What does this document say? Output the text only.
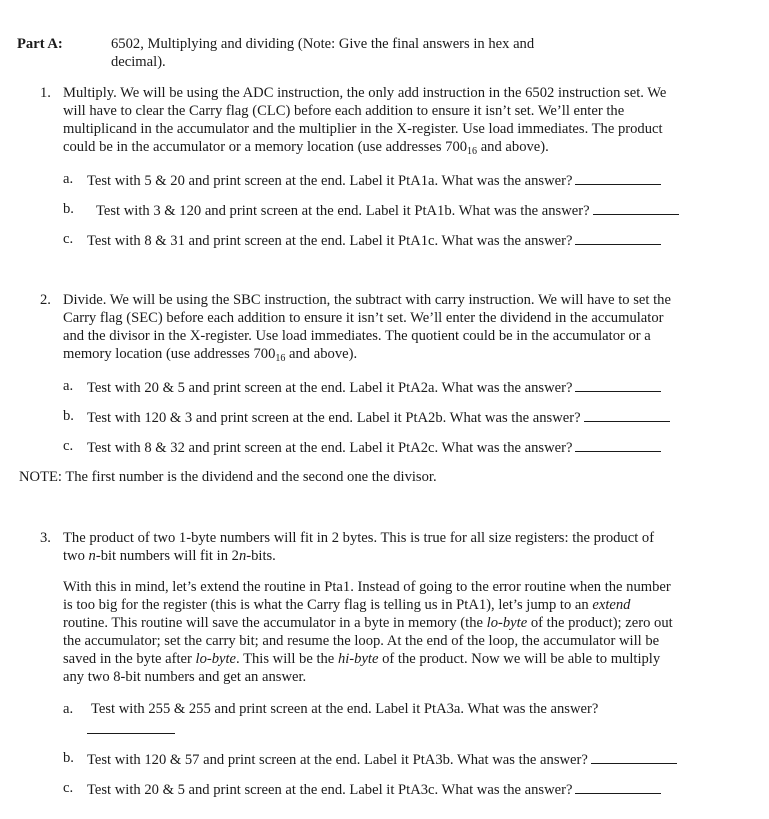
Part A:	6502, Multiplying and dividing (Note: Give the final answers in hex and
decimal).
1. Multiply. We will be using the ADC instruction, the only add instruction in the 6502 instruction set. We
will have to clear the Carry flag (CLC) before each addition to ensure it isn’t set. We’ll enter the
multiplicand in the accumulator and the multiplier in the X-register. Use load immediates. The product
could be in the accumulator or a memory location (use addresses $700_{16}$ and above).
a. Test with 5 & 20 and print screen at the end. Label it PtA1a. What was the answer?
b. Test with 3 & 120 and print screen at the end. Label it PtA1b. What was the answer?
c. Test with 8 & 31 and print screen at the end. Label it PtA1c. What was the answer?
2. Divide. We will be using the SBC instruction, the subtract with carry instruction. We will have to set the
Carry flag (SEC) before each addition to ensure it isn’t set. We’ll enter the dividend in the accumulator
and the divisor in the X-register. Use load immediates. The quotient could be in the accumulator or a
memory location (use addresses $700_{16}$ and above).
a. Test with 20 & 5 and print screen at the end. Label it PtA2a. What was the answer?
b. Test with 120 & 3 and print screen at the end. Label it PtA2b. What was the answer?
c. Test with 8 & 32 and print screen at the end. Label it PtA2c. What was the answer?
NOTE: The first number is the dividend and the second one the divisor.
3. The product of two 1-byte numbers will fit in 2 bytes. This is true for all size registers: the product of
two n-bit numbers will fit in 2n-bits.
With this in mind, let’s extend the routine in Pta1. Instead of going to the error routine when the number
is too big for the register (this is what the Carry flag is telling us in PtA1), let’s jump to an extend
routine. This routine will save the accumulator in a byte in memory (the lo-byte of the product); zero out
the accumulator; set the carry bit; and resume the loop. At the end of the loop, the accumulator will be
saved in the byte after lo-byte. This will be the hi-byte of the product. Now we will be able to multiply
any two 8-bit numbers and get an answer.
a. Test with 255 & 255 and print screen at the end. Label it PtA3a. What was the answer?
b. Test with 120 & 57 and print screen at the end. Label it PtA3b. What was the answer?
c. Test with 20 & 5 and print screen at the end. Label it PtA3c. What was the answer?
